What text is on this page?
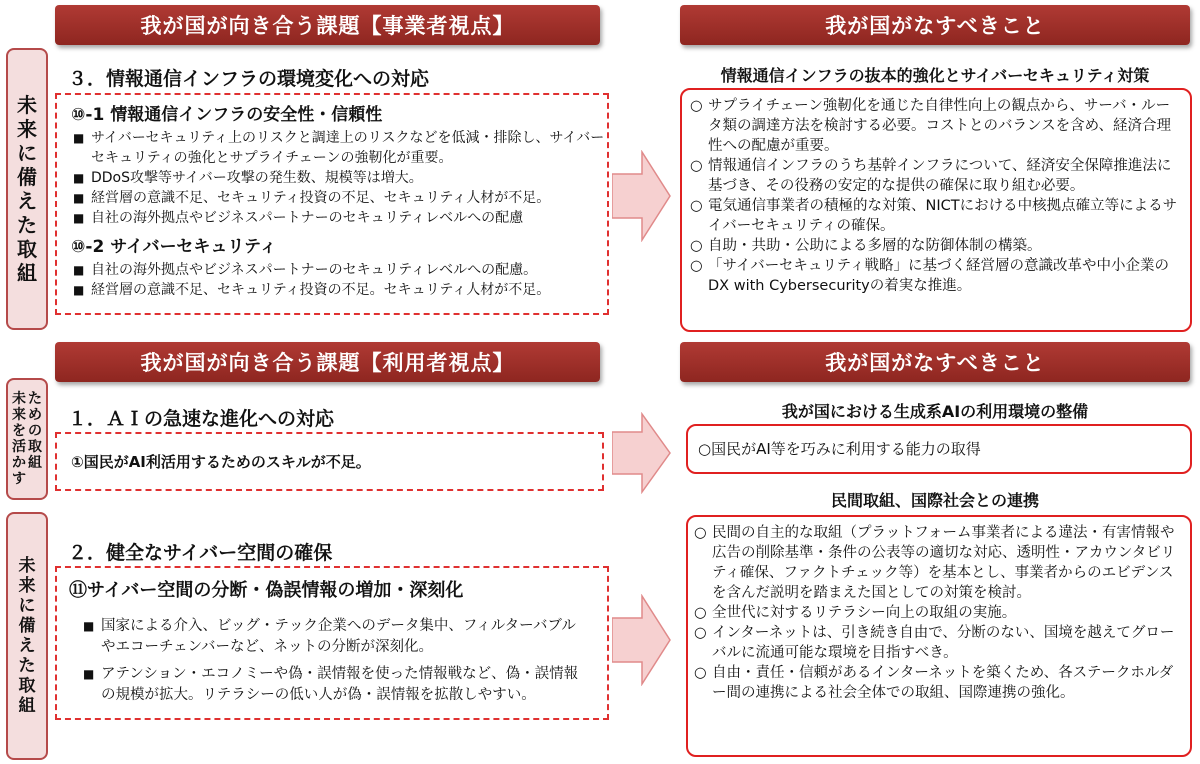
我が国が向き合う課題【事業者視点】	我が国がなすべきこと
未来に備えた取組
３．情報通信インフラの環境変化への対応
⑩-1 情報通信インフラの安全性・信頼性
■ サイバーセキュリティ上のリスクと調達上のリスクなどを低減・排除し、サイバーセキュリティの強化とサプライチェーンの強靭化が重要。
■ DDoS攻撃等サイバー攻撃の発生数、規模等は増大。
■ 経営層の意識不足、セキュリティ投資の不足、セキュリティ人材が不足。
■ 自社の海外拠点やビジネスパートナーのセキュリティレベルへの配慮
⑩-2 サイバーセキュリティ
■ 自社の海外拠点やビジネスパートナーのセキュリティレベルへの配慮。
■ 経営層の意識不足、セキュリティ投資の不足。セキュリティ人材が不足。
情報通信インフラの抜本的強化とサイバーセキュリティ対策
○ サプライチェーン強靭化を通じた自律性向上の観点から、サーバ・ルータ類の調達方法を検討する必要。コストとのバランスを含め、経済合理性への配慮が重要。
○ 情報通信インフラのうち基幹インフラについて、経済安全保障推進法に基づき、その役務の安定的な提供の確保に取り組む必要。
○ 電気通信事業者の積極的な対策、NICTにおける中核拠点確立等によるサイバーセキュリティの確保。
○ 自助・共助・公助による多層的な防御体制の構築。
○ 「サイバーセキュリティ戦略」に基づく経営層の意識改革や中小企業のDX with Cybersecurityの着実な推進。
我が国が向き合う課題【利用者視点】	我が国がなすべきこと
未来を活かす
ための取組
１．ＡＩの急速な進化への対応
①国民がAI利活用するためのスキルが不足。
我が国における生成系AIの利用環境の整備
○国民がAI等を巧みに利用する能力の取得
未来に備えた取組
２．健全なサイバー空間の確保
⑪サイバー空間の分断・偽誤情報の増加・深刻化
■ 国家による介入、ビッグ・テック企業へのデータ集中、フィルターバブルやエコーチェンバーなど、ネットの分断が深刻化。
■ アテンション・エコノミーや偽・誤情報を使った情報戦など、偽・誤情報の規模が拡大。リテラシーの低い人が偽・誤情報を拡散しやすい。
民間取組、国際社会との連携
○ 民間の自主的な取組（プラットフォーム事業者による違法・有害情報や広告の削除基準・条件の公表等の適切な対応、透明性・アカウンタビリティ確保、ファクトチェック等）を基本とし、事業者からのエビデンスを含んだ説明を踏まえた国としての対策を検討。
○ 全世代に対するリテラシー向上の取組の実施。
○ インターネットは、引き続き自由で、分断のない、国境を越えてグローバルに流通可能な環境を目指すべき。
○ 自由・責任・信頼があるインターネットを築くため、各ステークホルダー間の連携による社会全体での取組、国際連携の強化。
